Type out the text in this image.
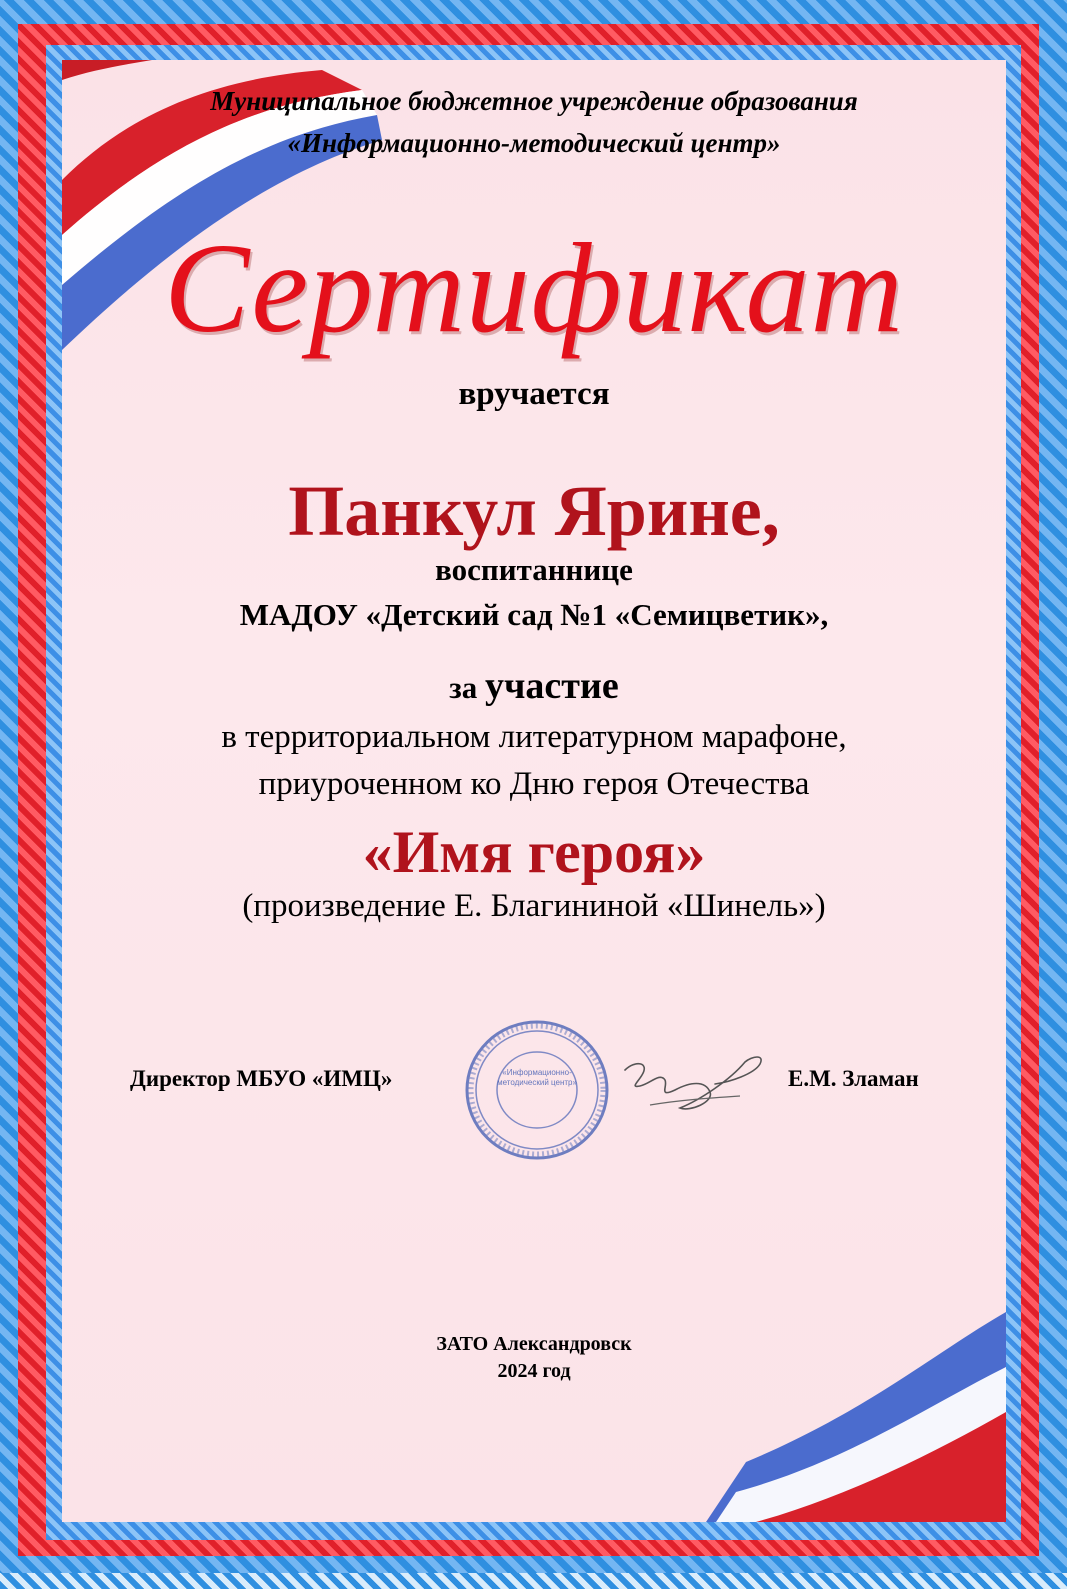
Муниципальное бюджетное учреждение образования

«Информационно-методический центр»

Сертификат

вручается

Панкул Ярине,

воспитаннице

МАДОУ «Детский сад №1 «Семицветик»,

за участие

в территориальном литературном марафоне,

приуроченном ко Дню героя Отечества

«Имя героя»

(произведение Е. Благининой «Шинель»)

Директор МБУО «ИМЦ»	«Информационно-методический центр»	Е.М. Зламан

ЗАТО Александровск

2024 год
